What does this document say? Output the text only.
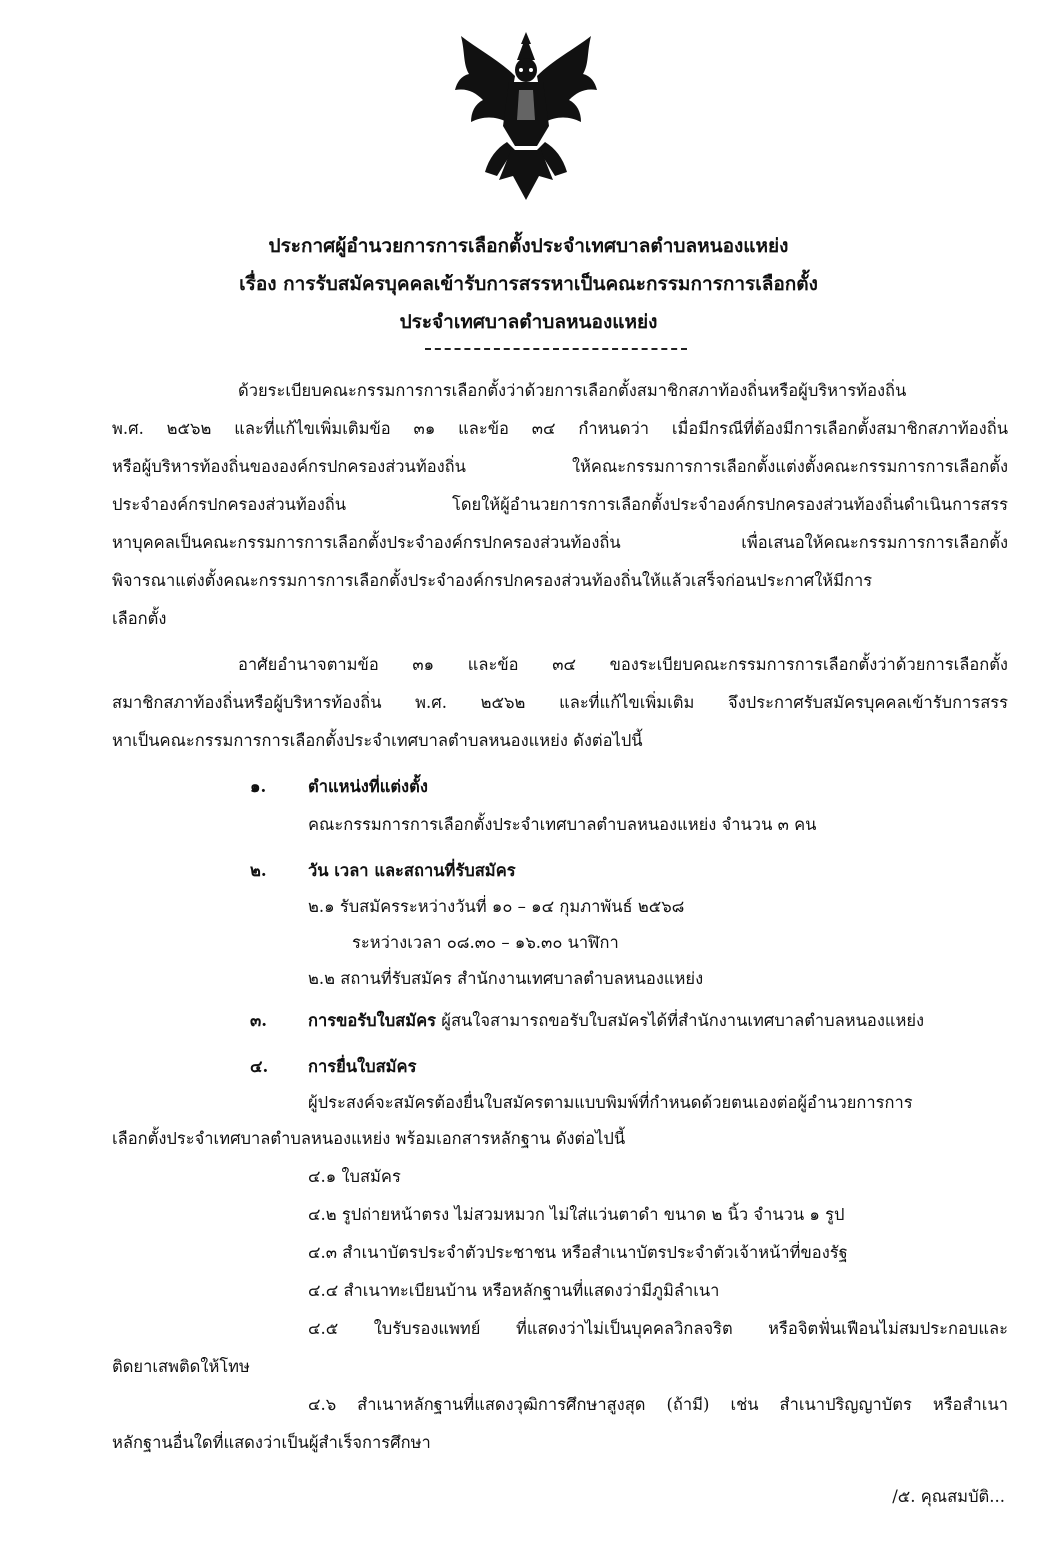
ประกาศผู้อำนวยการการเลือกตั้งประจำเทศบาลตำบลหนองแหย่ง
เรื่อง การรับสมัครบุคคลเข้ารับการสรรหาเป็นคณะกรรมการการเลือกตั้ง
ประจำเทศบาลตำบลหนองแหย่ง
ด้วยระเบียบคณะกรรมการการเลือกตั้งว่าด้วยการเลือกตั้งสมาชิกสภาท้องถิ่นหรือผู้บริหารท้องถิ่น
พ.ศ. ๒๕๖๒ และที่แก้ไขเพิ่มเติมข้อ ๓๑ และข้อ ๓๔ กำหนดว่า เมื่อมีกรณีที่ต้องมีการเลือกตั้งสมาชิกสภาท้องถิ่น
หรือผู้บริหารท้องถิ่นขององค์กรปกครองส่วนท้องถิ่น ให้คณะกรรมการการเลือกตั้งแต่งตั้งคณะกรรมการการเลือกตั้ง
ประจำองค์กรปกครองส่วนท้องถิ่น โดยให้ผู้อำนวยการการเลือกตั้งประจำองค์กรปกครองส่วนท้องถิ่นดำเนินการสรร
หาบุคคลเป็นคณะกรรมการการเลือกตั้งประจำองค์กรปกครองส่วนท้องถิ่น เพื่อเสนอให้คณะกรรมการการเลือกตั้ง
พิจารณาแต่งตั้งคณะกรรมการการเลือกตั้งประจำองค์กรปกครองส่วนท้องถิ่นให้แล้วเสร็จก่อนประกาศให้มีการ
เลือกตั้ง
อาศัยอำนาจตามข้อ ๓๑ และข้อ ๓๔ ของระเบียบคณะกรรมการการเลือกตั้งว่าด้วยการเลือกตั้ง
สมาชิกสภาท้องถิ่นหรือผู้บริหารท้องถิ่น พ.ศ. ๒๕๖๒ และที่แก้ไขเพิ่มเติม จึงประกาศรับสมัครบุคคลเข้ารับการสรร
หาเป็นคณะกรรมการการเลือกตั้งประจำเทศบาลตำบลหนองแหย่ง ดังต่อไปนี้
๑.	ตำแหน่งที่แต่งตั้ง
คณะกรรมการการเลือกตั้งประจำเทศบาลตำบลหนองแหย่ง จำนวน ๓ คน
๒.	วัน เวลา และสถานที่รับสมัคร
๒.๑ รับสมัครระหว่างวันที่ ๑๐ – ๑๔ กุมภาพันธ์ ๒๕๖๘
ระหว่างเวลา ๐๘.๓๐ – ๑๖.๓๐ นาฬิกา
๒.๒ สถานที่รับสมัคร สำนักงานเทศบาลตำบลหนองแหย่ง
๓. การขอรับใบสมัคร ผู้สนใจสามารถขอรับใบสมัครได้ที่สำนักงานเทศบาลตำบลหนองแหย่ง
๔. การยื่นใบสมัคร
ผู้ประสงค์จะสมัครต้องยื่นใบสมัครตามแบบพิมพ์ที่กำหนดด้วยตนเองต่อผู้อำนวยการการ
เลือกตั้งประจำเทศบาลตำบลหนองแหย่ง พร้อมเอกสารหลักฐาน ดังต่อไปนี้
๔.๑ ใบสมัคร
๔.๒ รูปถ่ายหน้าตรง ไม่สวมหมวก ไม่ใส่แว่นตาดำ ขนาด ๒ นิ้ว จำนวน ๑ รูป
๔.๓ สำเนาบัตรประจำตัวประชาชน หรือสำเนาบัตรประจำตัวเจ้าหน้าที่ของรัฐ
๔.๔ สำเนาทะเบียนบ้าน หรือหลักฐานที่แสดงว่ามีภูมิลำเนา
๔.๕ ใบรับรองแพทย์ ที่แสดงว่าไม่เป็นบุคคลวิกลจริต หรือจิตฟั่นเฟือนไม่สมประกอบและ
ติดยาเสพติดให้โทษ
๔.๖ สำเนาหลักฐานที่แสดงวุฒิการศึกษาสูงสุด (ถ้ามี) เช่น สำเนาปริญญาบัตร หรือสำเนา
หลักฐานอื่นใดที่แสดงว่าเป็นผู้สำเร็จการศึกษา
/๕. คุณสมบัติ...
